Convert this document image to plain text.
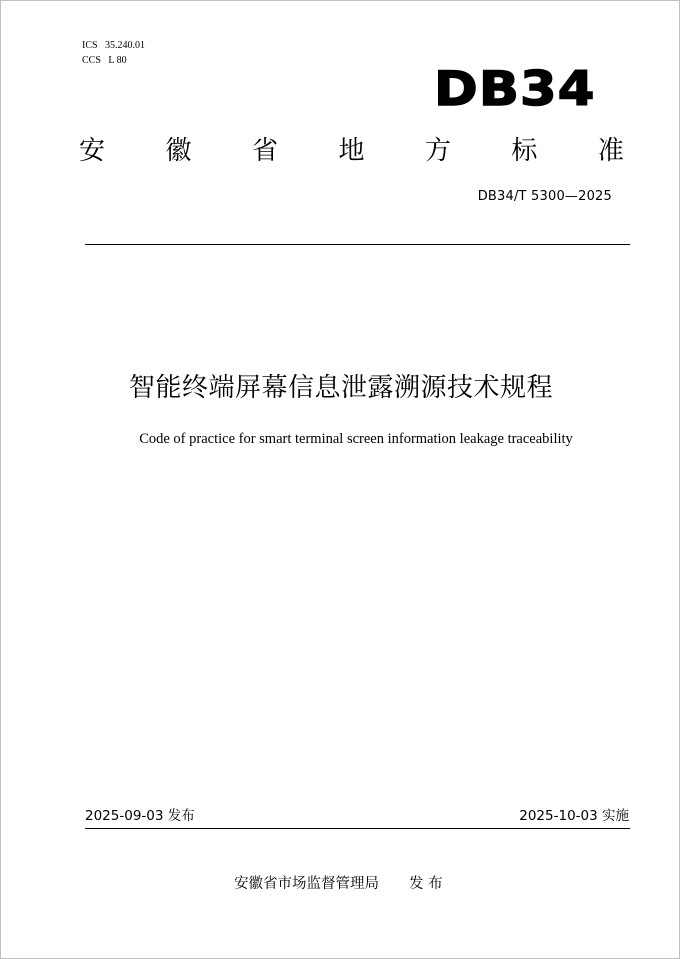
ICS   35.240.01
CCS   L 80
DB34
安 徽 省 地 方 标 准
DB34/T 5300—2025
智能终端屏幕信息泄露溯源技术规程
Code of practice for smart terminal screen information leakage traceability
2025-09-03 发布	2025-10-03 实施
安徽省市场监督管理局 发 布
